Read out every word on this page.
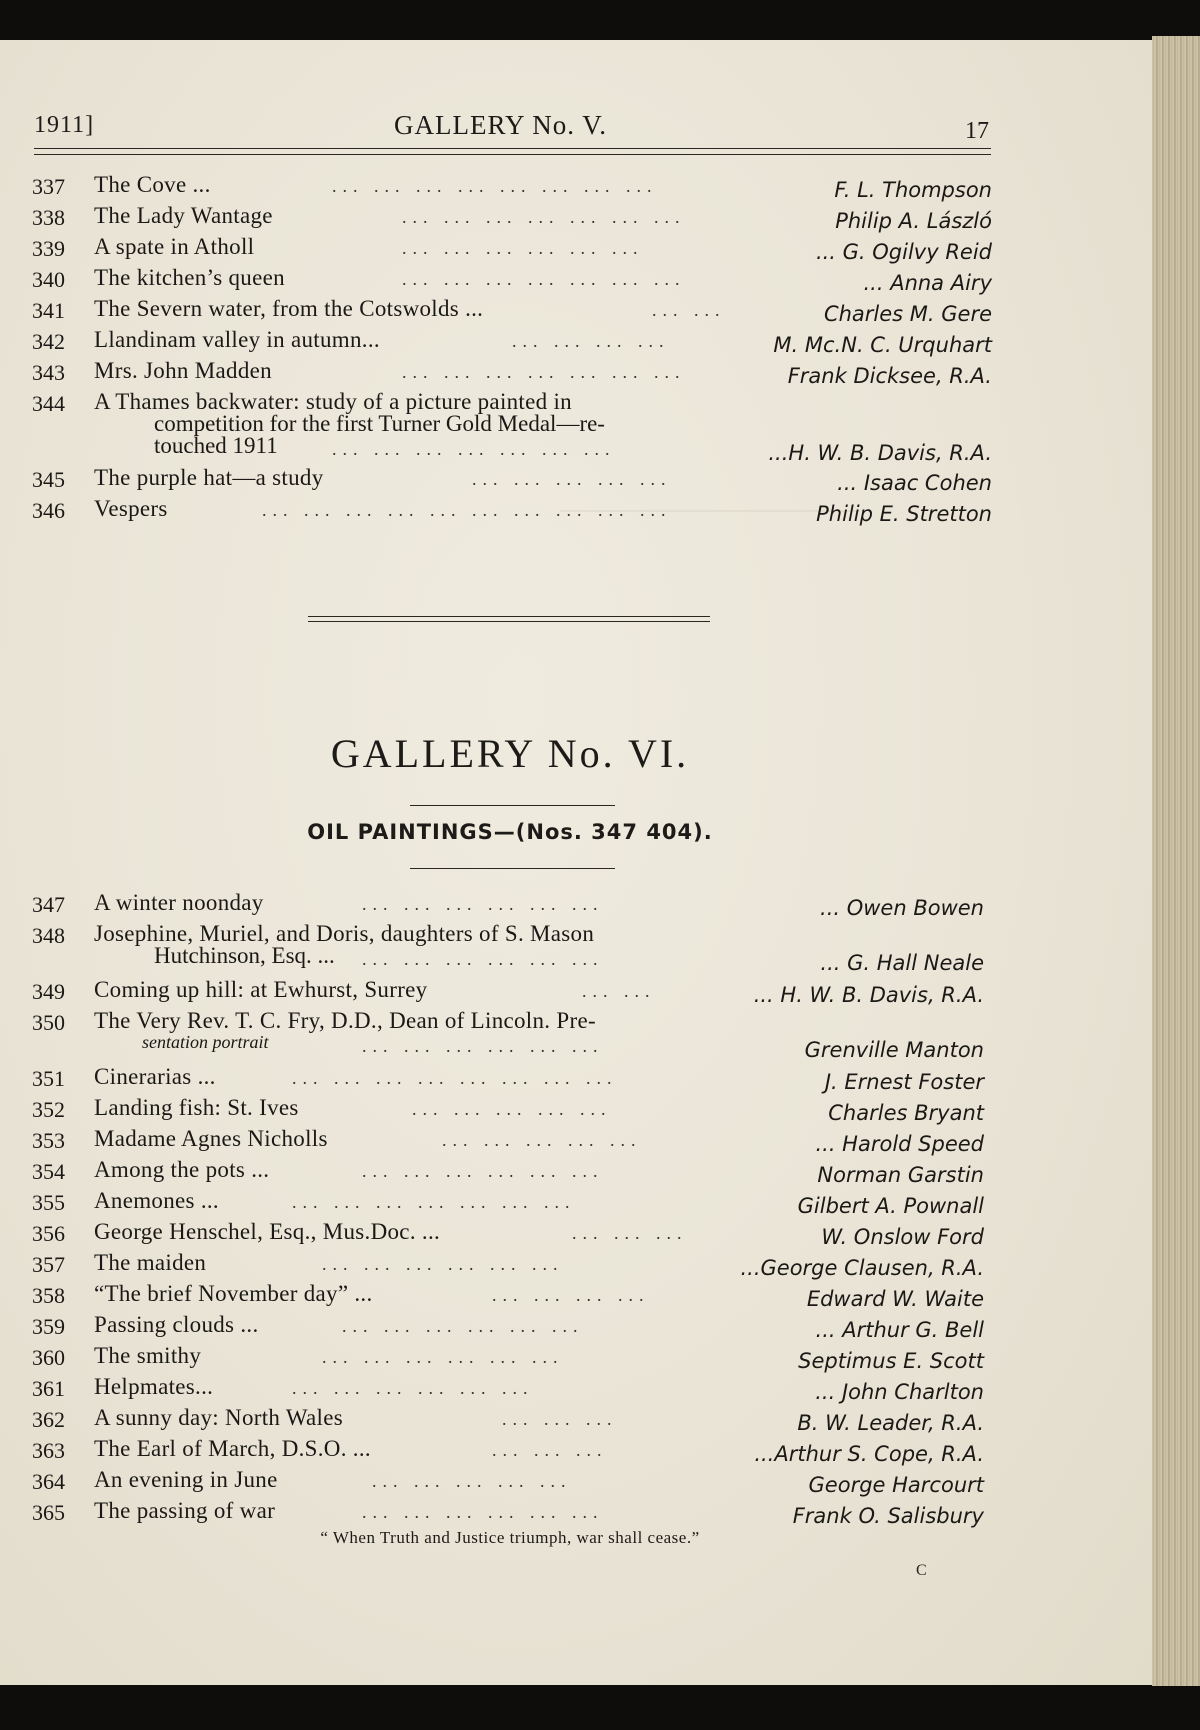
1911]	GALLERY No. V.	17
337	The Cove ...	... ... ... ... ... ... ... ...	F. L. Thompson
338	The Lady Wantage	... ... ... ... ... ... ...	Philip A. László
339	A spate in Atholl	... ... ... ... ... ...	... G. Ogilvy Reid
340	The kitchen’s queen	... ... ... ... ... ... ...	... Anna Airy
341	The Severn water, from the Cotswolds ...	... ...	Charles M. Gere
342	Llandinam valley in autumn...	... ... ... ...	M. Mc.N. C. Urquhart
343	Mrs. John Madden	... ... ... ... ... ... ...	Frank Dicksee, R.A.
344	A Thames backwater: study of a picture painted in
competition for the first Turner Gold Medal—re-
touched 1911	... ... ... ... ... ... ...	...H. W. B. Davis, R.A.
345	The purple hat—a study	... ... ... ... ...	... Isaac Cohen
346	Vespers	... ... ... ... ... ... ... ... ... ...	Philip E. Stretton
GALLERY No. VI.
OIL PAINTINGS—(Nos. 347 404).
347	A winter noonday	... ... ... ... ... ...	... Owen Bowen
348	Josephine, Muriel, and Doris, daughters of S. Mason
Hutchinson, Esq. ... ... ... ... ... ... ...	... G. Hall Neale
349	Coming up hill: at Ewhurst, Surrey	... ...	... H. W. B. Davis, R.A.
350	The Very Rev. T. C. Fry, D.D., Dean of Lincoln. Pre-
sentation portrait	... ... ... ... ... ...	Grenville Manton
351	Cinerarias ...	... ... ... ... ... ... ... ...	J. Ernest Foster
352	Landing fish: St. Ives	... ... ... ... ...	Charles Bryant
353	Madame Agnes Nicholls	... ... ... ... ...	... Harold Speed
354	Among the pots ...	... ... ... ... ... ...	Norman Garstin
355	Anemones ...	... ... ... ... ... ... ...	Gilbert A. Pownall
356	George Henschel, Esq., Mus.Doc. ...	... ... ...	W. Onslow Ford
357	The maiden	... ... ... ... ... ...	...George Clausen, R.A.
358	“The brief November day” ...	... ... ... ...	Edward W. Waite
359	Passing clouds ...	... ... ... ... ... ...	... Arthur G. Bell
360	The smithy	... ... ... ... ... ...	Septimus E. Scott
361	Helpmates...	... ... ... ... ... ...	... John Charlton
362	A sunny day: North Wales	... ... ...	B. W. Leader, R.A.
363	The Earl of March, D.S.O. ...	... ... ...	...Arthur S. Cope, R.A.
364	An evening in June	... ... ... ... ...	George Harcourt
365	The passing of war	... ... ... ... ... ...	Frank O. Salisbury
“ When Truth and Justice triumph, war shall cease.”
C
